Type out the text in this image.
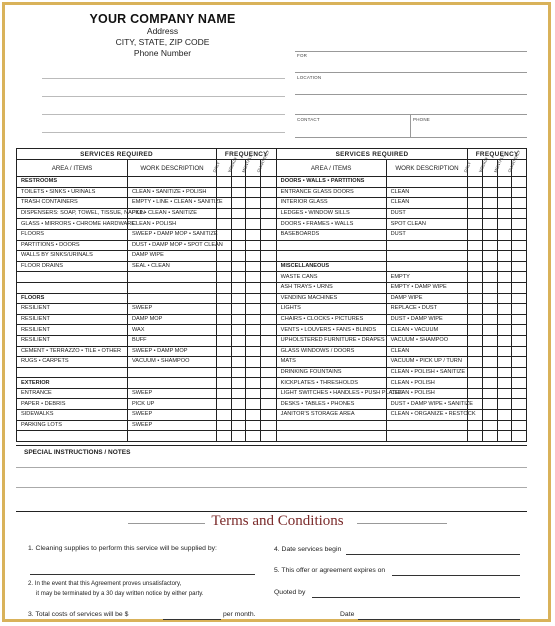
YOUR COMPANY NAME
Address
CITY, STATE, ZIP CODE
Phone Number	FOR
LOCATION
CONTACT	PHONE
SERVICES REQUIRED		FREQUENCY				SERVICES REQUIRED		FREQUENCY			
AREA / ITEMS	WORK DESCRIPTION	DAILY	WEEKLY	MONTHLY	QUARTERLY	AREA / ITEMS	WORK DESCRIPTION	DAILY	WEEKLY	MONTHLY	QUARTERLY

RESTROOMS						DOORS • WALLS • PARTITIONS					
TOILETS • SINKS • URINALS	CLEAN • SANITIZE • POLISH					ENTRANCE GLASS DOORS	CLEAN				
TRASH CONTAINERS	EMPTY • LINE • CLEAN • SANITIZE					INTERIOR GLASS	CLEAN				
DISPENSERS: SOAP, TOWEL, TISSUE, NAPKIN	FILL • CLEAN • SANITIZE					LEDGES • WINDOW SILLS	DUST				
GLASS • MIRRORS • CHROME HARDWARE	CLEAN • POLISH					DOORS • FRAMES • WALLS	SPOT CLEAN				
FLOORS	SWEEP • DAMP MOP • SANITIZE					BASEBOARDS	DUST				
PARTITIONS • DOORS	DUST • DAMP MOP • SPOT CLEAN										
WALLS BY SINKS/URINALS	DAMP WIPE										
FLOOR DRAINS	SEAL • CLEAN					MISCELLANEOUS					
						WASTE CANS	EMPTY				
						ASH TRAYS • URNS	EMPTY • DAMP WIPE				
FLOORS						VENDING MACHINES	DAMP WIPE				
RESILIENT	SWEEP					LIGHTS	REPLACE • DUST				
RESILIENT	DAMP MOP					CHAIRS • CLOCKS • PICTURES	DUST • DAMP WIPE				
RESILIENT	WAX					VENTS • LOUVERS • FANS • BLINDS	CLEAN • VACUUM				
RESILIENT	BUFF					UPHOLSTERED FURNITURE • DRAPES	VACUUM • SHAMPOO				
CEMENT • TERRAZZO • TILE • OTHER	SWEEP • DAMP MOP					GLASS WINDOWS / DOORS	CLEAN				
RUGS • CARPETS	VACUUM • SHAMPOO					MATS	VACUUM • PICK UP / TURN				
						DRINKING FOUNTAINS	CLEAN • POLISH • SANITIZE				
EXTERIOR						KICKPLATES • THRESHOLDS	CLEAN • POLISH				
ENTRANCE	SWEEP					LIGHT SWITCHES • HANDLES • PUSH PLATES	CLEAN • POLISH				
PAPER • DEBRIS	PICK UP					DESKS • TABLES • PHONES	DUST • DAMP WIPE • SANITIZE				
SIDEWALKS	SWEEP					JANITOR'S STORAGE AREA	CLEAN • ORGANIZE • RESTOCK				
PARKING LOTS	SWEEP										

SPECIAL INSTRUCTIONS / NOTES
Terms and Conditions
1. Cleaning supplies to perform this service will be supplied by:
2. In the event that this Agreement proves unsatisfactory,
it may be terminated by a 30 day written notice by either party.
3. Total costs of services will be $	per month.
4. Date services begin
5. This offer or agreement expires on
Quoted by
Date
